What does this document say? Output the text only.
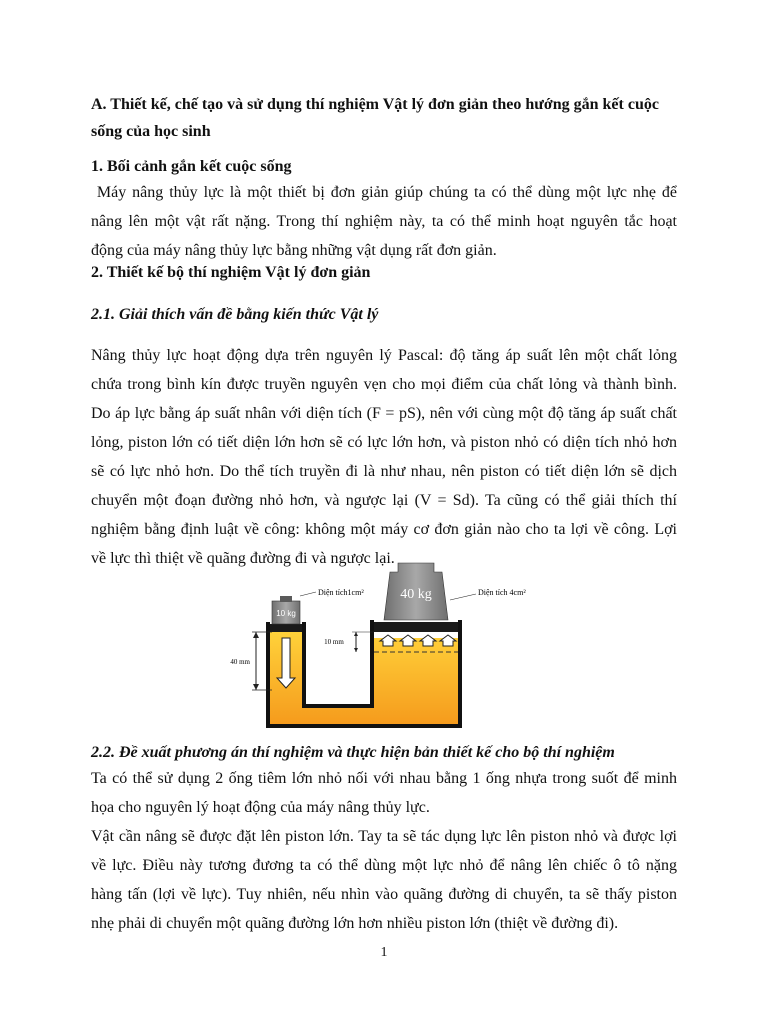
A. Thiết kế, chế tạo và sử dụng thí nghiệm Vật lý đơn giản theo hướng gắn kết cuộc
sống của học sinh
1. Bối cảnh gắn kết cuộc sống
Máy nâng thủy lực là một thiết bị đơn giản giúp chúng ta có thể dùng một lực nhẹ để
nâng lên một vật rất nặng. Trong thí nghiệm này, ta có thể minh hoạt nguyên tắc hoạt
động của máy nâng thủy lực bằng những vật dụng rất đơn giản.
2. Thiết kế bộ thí nghiệm Vật lý đơn giản
2.1. Giải thích vấn đề bằng kiến thức Vật lý
Nâng thủy lực hoạt động dựa trên nguyên lý Pascal: độ tăng áp suất lên một chất lỏng
chứa trong bình kín được truyền nguyên vẹn cho mọi điểm của chất lỏng và thành bình.
Do áp lực bằng áp suất nhân với diện tích (F = pS), nên với cùng một độ tăng áp suất chất
lỏng, piston lớn có tiết diện lớn hơn sẽ có lực lớn hơn, và piston nhỏ có diện tích nhỏ hơn
sẽ có lực nhỏ hơn. Do thể tích truyền đi là như nhau, nên piston có tiết diện lớn sẽ dịch
chuyển một đoạn đường nhỏ hơn, và ngược lại (V = Sd). Ta cũng có thể giải thích thí
nghiệm bằng định luật về công: không một máy cơ đơn giản nào cho ta lợi về công. Lợi
về lực thì thiệt về quãng đường đi và ngược lại.
10 kg
40 kg
40 mm
10 mm
Diện tích1cm²	Diện tích 4cm²
2.2. Đề xuất phương án thí nghiệm và thực hiện bản thiết kế cho bộ thí nghiệm
Ta có thể sử dụng 2 ống tiêm lớn nhỏ nối với nhau bằng 1 ống nhựa trong suốt để minh
họa cho nguyên lý hoạt động của máy nâng thủy lực.
Vật cần nâng sẽ được đặt lên piston lớn. Tay ta sẽ tác dụng lực lên piston nhỏ và được lợi
về lực. Điều này tương đương ta có thể dùng một lực nhỏ để nâng lên chiếc ô tô nặng
hàng tấn (lợi về lực). Tuy nhiên, nếu nhìn vào quãng đường di chuyển, ta sẽ thấy piston
nhẹ phải di chuyển một quãng đường lớn hơn nhiều piston lớn (thiệt về đường đi).
1
